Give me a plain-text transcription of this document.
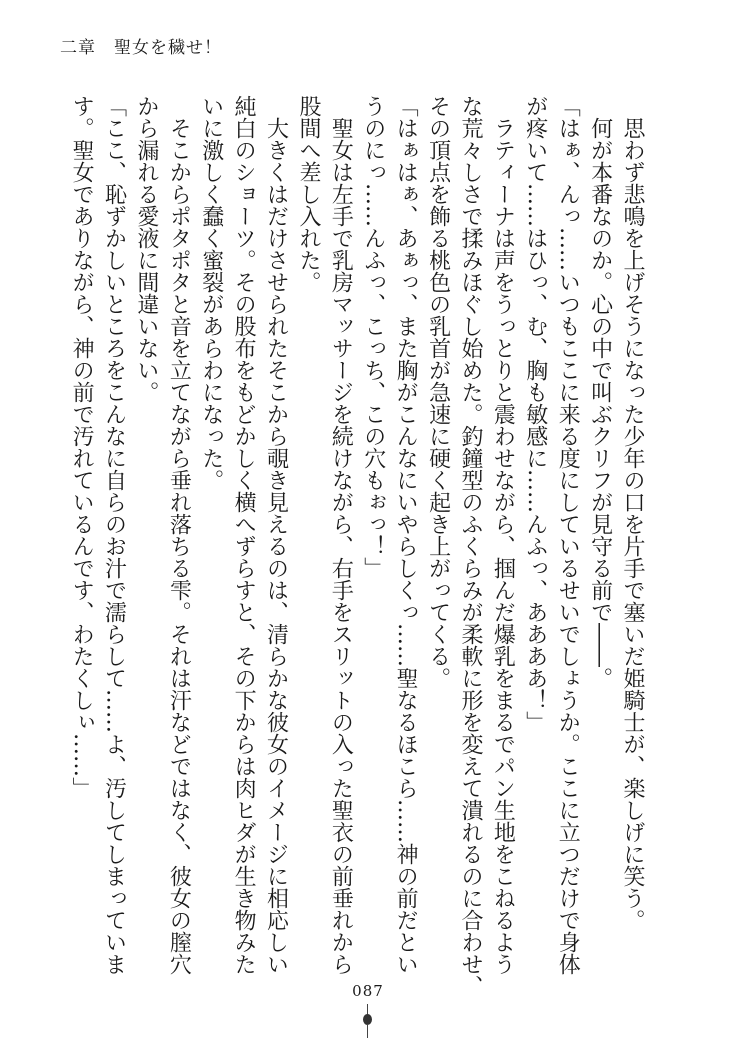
二章　聖女を穢せ！
　思わず悲鳴を上げそうになった少年の口を片手で塞いだ姫騎士が、楽しげに笑う。
　何が本番なのか。心の中で叫ぶクリフが見守る前で――。
「はぁ、んっ……いつもここに来る度にしているせいでしょうか。ここに立つだけで身体
が疼いて……はひっ、む、胸も敏感に……んふっ、ああああ！」
　ラティーナは声をうっとりと震わせながら、掴んだ爆乳をまるでパン生地をこねるよう
な荒々しさで揉みほぐし始めた。釣鐘型のふくらみが柔軟に形を変えて潰れるのに合わせ、
その頂点を飾る桃色の乳首が急速に硬く起き上がってくる。
「はぁはぁ、あぁっ、また胸がこんなにいやらしくっ……聖なるほこら……神の前だとい
うのにっ……んふっ、こっち、この穴もぉっ！」
　聖女は左手で乳房マッサージを続けながら、右手をスリットの入った聖衣の前垂れから
股間へ差し入れた。
　大きくはだけさせられたそこから覗き見えるのは、清らかな彼女のイメージに相応しい
純白のショーツ。その股布をもどかしく横へずらすと、その下からは肉ヒダが生き物みた
いに激しく蠢く蜜裂があらわになった。
　そこからポタポタと音を立てながら垂れ落ちる雫。それは汗などではなく、彼女の膣穴
から漏れる愛液に間違いない。
「ここ、恥ずかしいところをこんなに自らのお汁で濡らして……よ、汚してしまっていま
す。聖女でありながら、神の前で汚れているんです、わたくしぃ……」
087
